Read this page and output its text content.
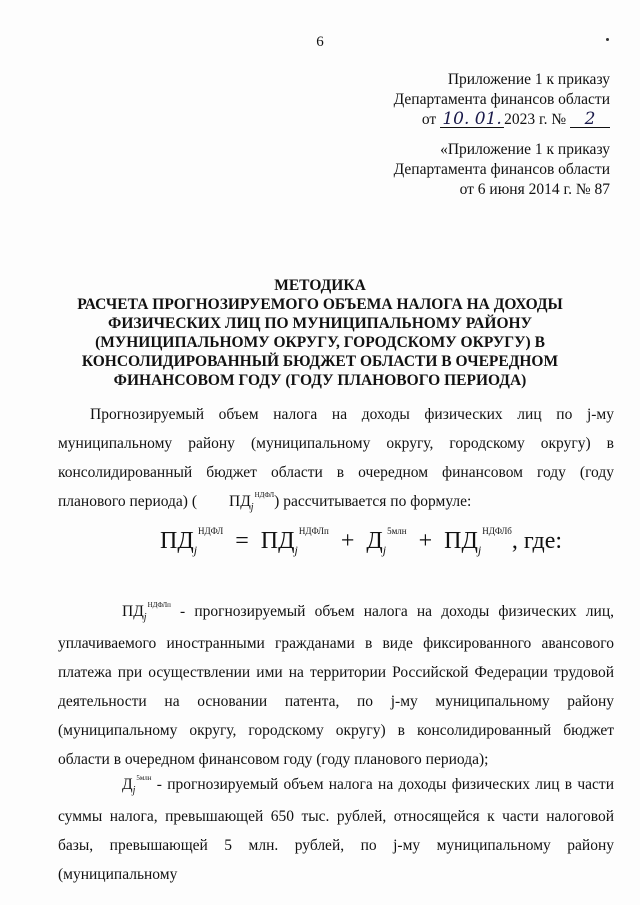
6
Приложение 1 к приказу
Департамента финансов области
от 10. 01. 2023 г. № 2
«Приложение 1 к приказу
Департамента финансов области
от 6 июня 2014 г. № 87
МЕТОДИКА
РАСЧЕТА ПРОГНОЗИРУЕМОГО ОБЪЕМА НАЛОГА НА ДОХОДЫ
ФИЗИЧЕСКИХ ЛИЦ ПО МУНИЦИПАЛЬНОМУ РАЙОНУ
(МУНИЦИПАЛЬНОМУ ОКРУГУ, ГОРОДСКОМУ ОКРУГУ) В
КОНСОЛИДИРОВАННЫЙ БЮДЖЕТ ОБЛАСТИ В ОЧЕРЕДНОМ
ФИНАНСОВОМ ГОДУ (ГОДУ ПЛАНОВОГО ПЕРИОДА)

Прогнозируемый объем налога на доходы физических лиц по j-му муниципальному району (муниципальному округу, городскому округу) в консолидированный бюджет области в очередном финансовом году (году планового периода) ( $ПД_j^{НДФЛ}$) рассчитывается по формуле:

$ПД_j^{НДФЛ} = ПД_j^{НДФЛп} + Д_j^{5млн} + ПД_j^{НДФЛб}$, где:

$ПД_j^{НДФЛп}$ - прогнозируемый объем налога на доходы физических лиц, уплачиваемого иностранными гражданами в виде фиксированного авансового платежа при осуществлении ими на территории Российской Федерации трудовой деятельности на основании патента, по j-му муниципальному району (муниципальному округу, городскому округу) в консолидированный бюджет области в очередном финансовом году (году планового периода);

$Д_j^{5млн}$ - прогнозируемый объем налога на доходы физических лиц в части суммы налога, превышающей 650 тыс. рублей, относящейся к части налоговой базы, превышающей 5 млн. рублей, по j-му муниципальному району (муниципальному
